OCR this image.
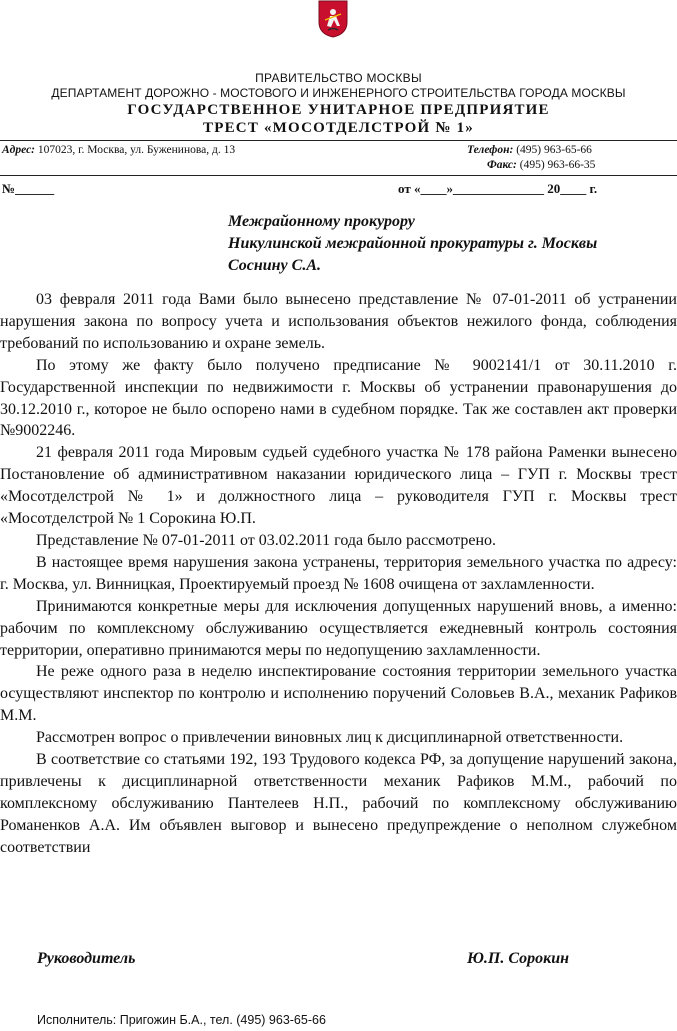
ПРАВИТЕЛЬСТВО МОСКВЫ
ДЕПАРТАМЕНТ ДОРОЖНО - МОСТОВОГО И ИНЖЕНЕРНОГО СТРОИТЕЛЬСТВА ГОРОДА МОСКВЫ
ГОСУДАРСТВЕННОЕ УНИТАРНОЕ ПРЕДПРИЯТИЕ
ТРЕСТ «МОСОТДЕЛСТРОЙ № 1»
Адрес: 107023, г. Москва, ул. Буженинова, д. 13	Телефон: (495) 963-65-66
Факс: (495) 963-66-35
№______	от «____»______________ 20____ г.
Межрайонному прокурору
Никулинской межрайонной прокуратуры г. Москвы
Соснину С.А.

03 февраля 2011 года Вами было вынесено представление № 07-01-2011 об устранении нарушения закона по вопросу учета и использования объектов нежилого фонда, соблюдения требований по использованию и охране земель.

По этому же факту было получено предписание № 9002141/1 от 30.11.2010 г. Государственной инспекции по недвижимости г. Москвы об устранении правонарушения до 30.12.2010 г., которое не было оспорено нами в судебном порядке. Так же составлен акт проверки №9002246.

21 февраля 2011 года Мировым судьей судебного участка № 178 района Раменки вынесено Постановление об административном наказании юридического лица – ГУП г. Москвы трест «Мосотделстрой № 1» и должностного лица – руководителя ГУП г. Москвы трест «Мосотделстрой № 1 Сорокина Ю.П.

Представление № 07-01-2011 от 03.02.2011 года было рассмотрено.

В настоящее время нарушения закона устранены, территория земельного участка по адресу: г. Москва, ул. Винницкая, Проектируемый проезд № 1608 очищена от захламленности.

Принимаются конкретные меры для исключения допущенных нарушений вновь, а именно: рабочим по комплексному обслуживанию осуществляется ежедневный контроль состояния территории, оперативно принимаются меры по недопущению захламленности.

Не реже одного раза в неделю инспектирование состояния территории земельного участка осуществляют инспектор по контролю и исполнению поручений Соловьев В.А., механик Рафиков М.М.

Рассмотрен вопрос о привлечении виновных лиц к дисциплинарной ответственности.

В соответствие со статьями 192, 193 Трудового кодекса РФ, за допущение нарушений закона, привлечены к дисциплинарной ответственности механик Рафиков М.М., рабочий по комплексному обслуживанию Пантелеев Н.П., рабочий по комплексному обслуживанию Романенков А.А. Им объявлен выговор и вынесено предупреждение о неполном служебном соответствии

Руководитель	Ю.П. Сорокин
Исполнитель: Пригожин Б.А., тел. (495) 963-65-66
